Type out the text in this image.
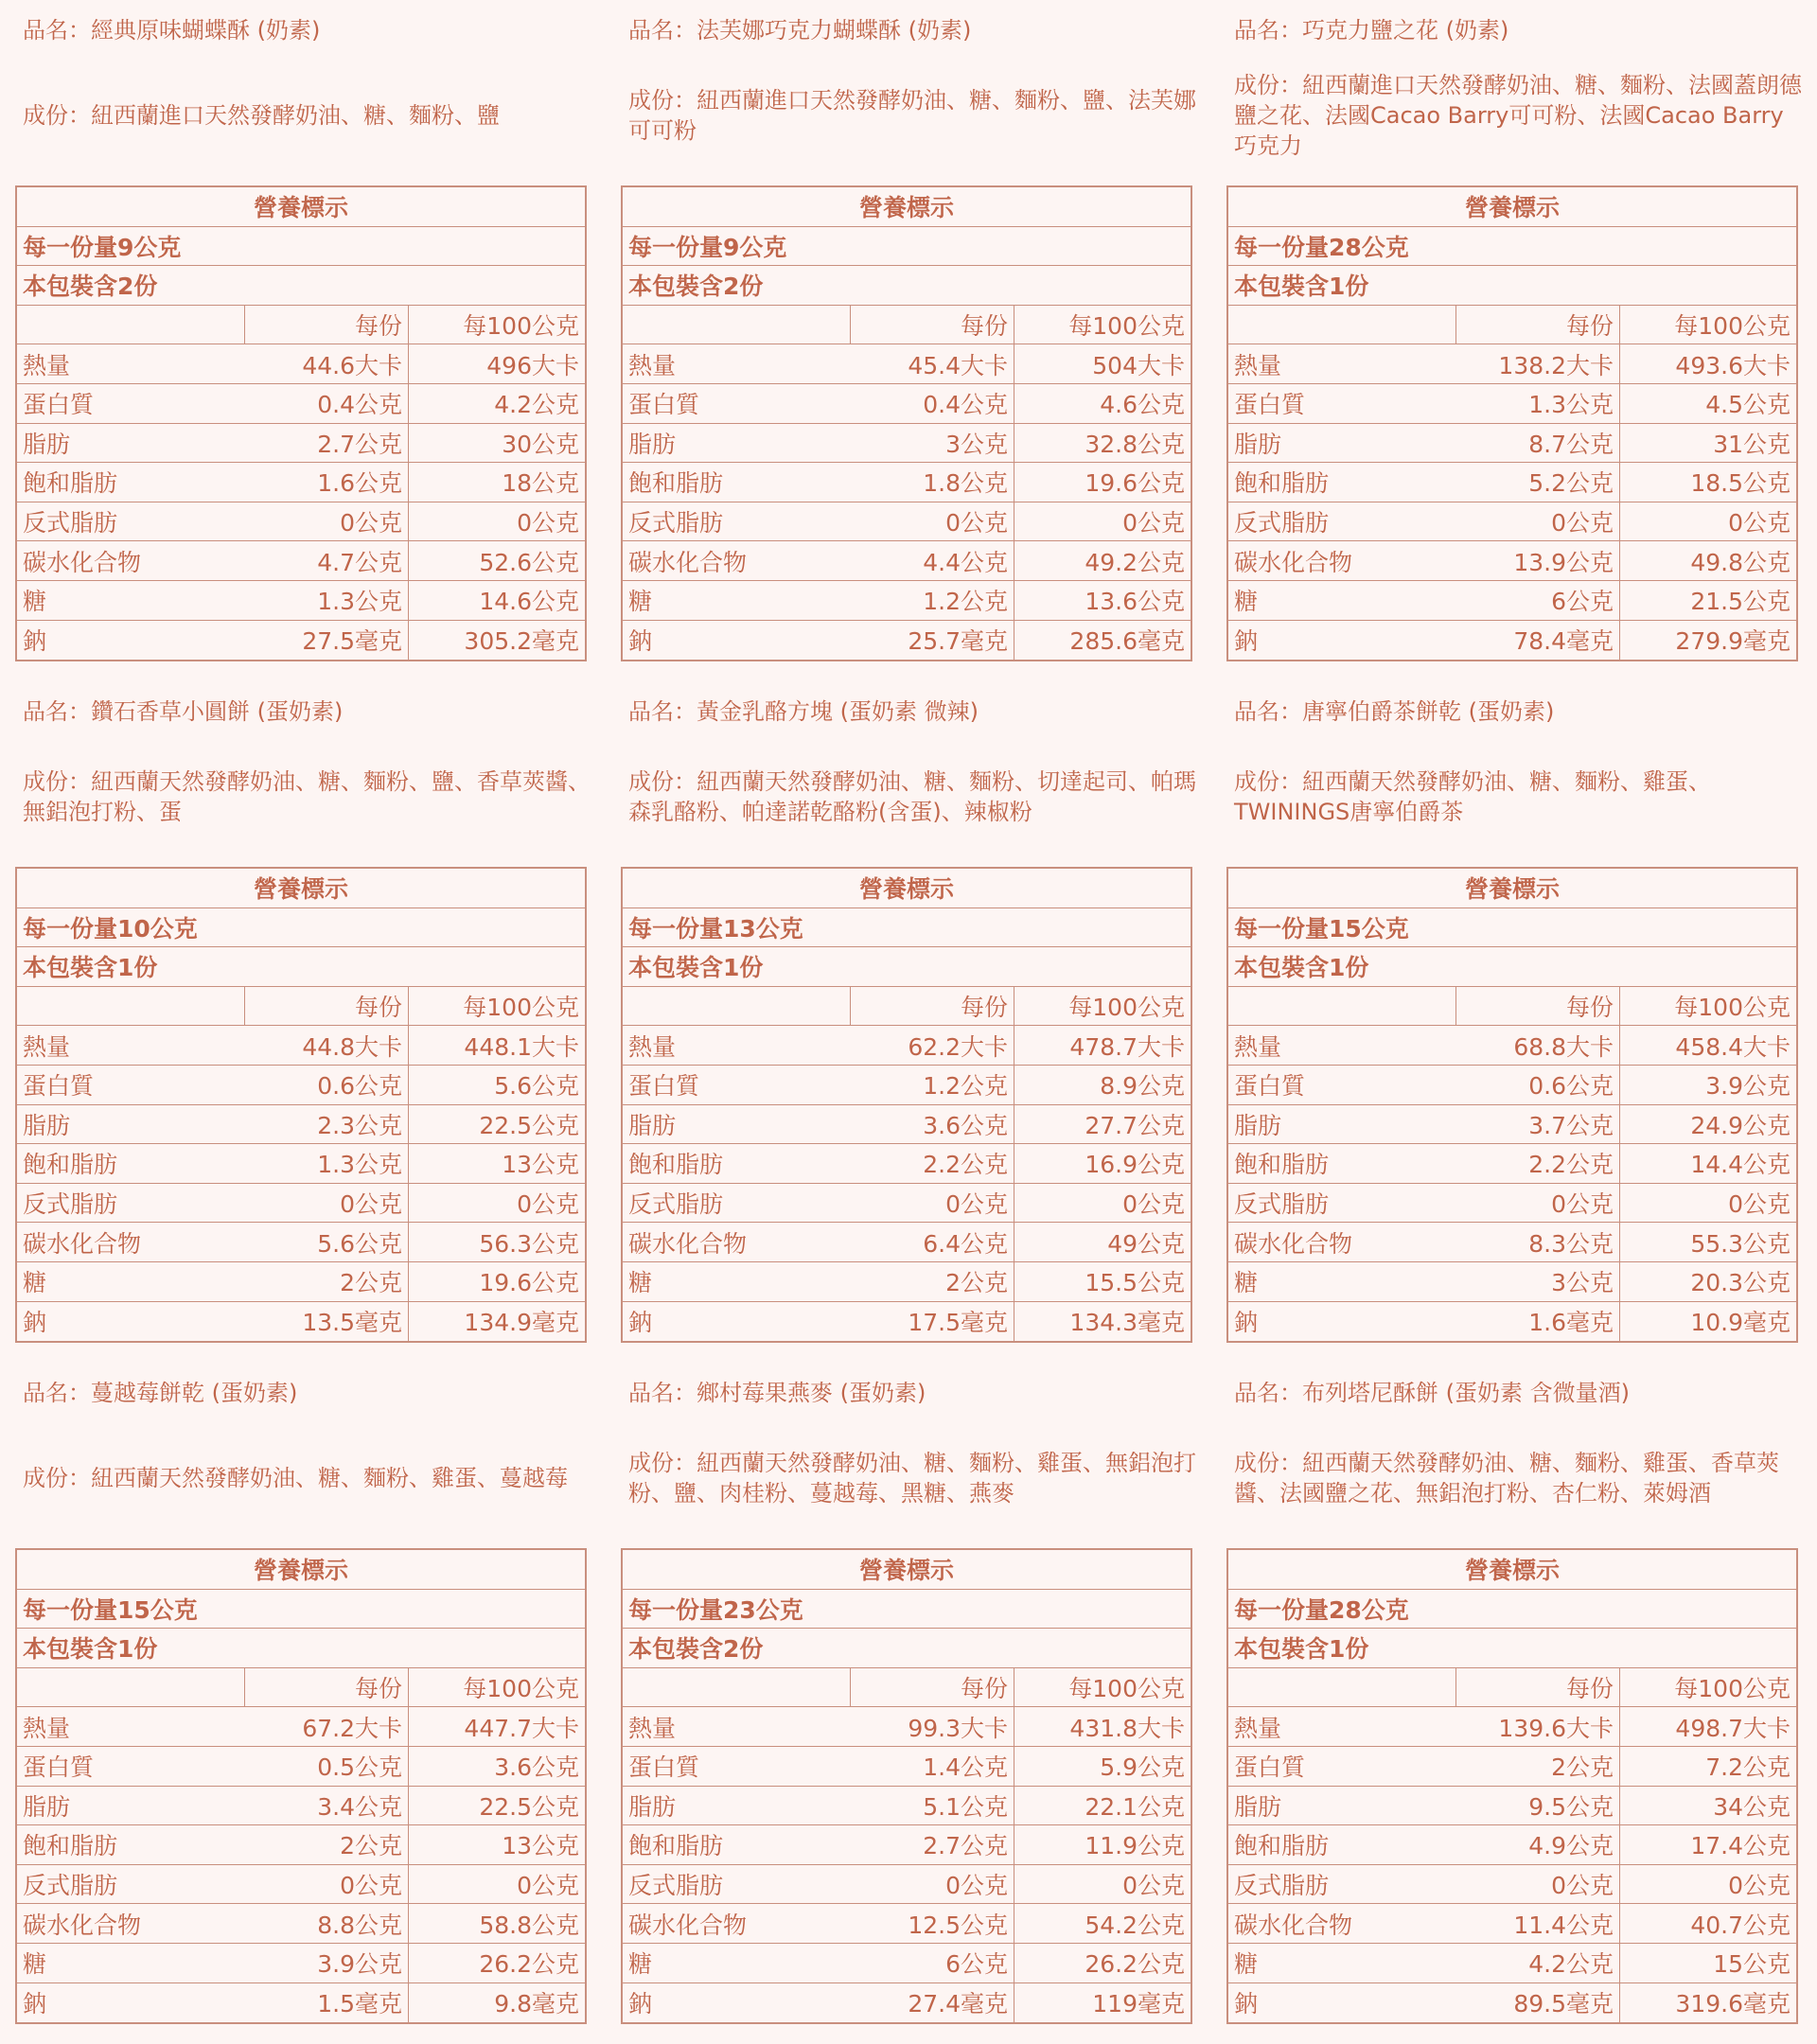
品名：經典原味蝴蝶酥 (奶素)
成份：紐西蘭進口天然發酵奶油、糖、麵粉、鹽
營養標示
每一份量9公克
本包裝含2份
每份	每100公克
熱量	44.6大卡	496大卡
蛋白質	0.4公克	4.2公克
脂肪	2.7公克	30公克
飽和脂肪	1.6公克	18公克
反式脂肪	0公克	0公克
碳水化合物	4.7公克	52.6公克
糖	1.3公克	14.6公克
鈉	27.5毫克	305.2毫克
品名：法芙娜巧克力蝴蝶酥 (奶素)
成份：紐西蘭進口天然發酵奶油、糖、麵粉、鹽、法芙娜可可粉
營養標示
每一份量9公克
本包裝含2份
每份	每100公克
熱量	45.4大卡	504大卡
蛋白質	0.4公克	4.6公克
脂肪	3公克	32.8公克
飽和脂肪	1.8公克	19.6公克
反式脂肪	0公克	0公克
碳水化合物	4.4公克	49.2公克
糖	1.2公克	13.6公克
鈉	25.7毫克	285.6毫克
品名：巧克力鹽之花 (奶素)
成份：紐西蘭進口天然發酵奶油、糖、麵粉、法國蓋朗德鹽之花、法國Cacao Barry可可粉、法國Cacao Barry巧克力
營養標示
每一份量28公克
本包裝含1份
每份	每100公克
熱量	138.2大卡	493.6大卡
蛋白質	1.3公克	4.5公克
脂肪	8.7公克	31公克
飽和脂肪	5.2公克	18.5公克
反式脂肪	0公克	0公克
碳水化合物	13.9公克	49.8公克
糖	6公克	21.5公克
鈉	78.4毫克	279.9毫克
品名：鑽石香草小圓餅 (蛋奶素)
成份：紐西蘭天然發酵奶油、糖、麵粉、鹽、香草莢醬、無鋁泡打粉、蛋
營養標示
每一份量10公克
本包裝含1份
每份	每100公克
熱量	44.8大卡	448.1大卡
蛋白質	0.6公克	5.6公克
脂肪	2.3公克	22.5公克
飽和脂肪	1.3公克	13公克
反式脂肪	0公克	0公克
碳水化合物	5.6公克	56.3公克
糖	2公克	19.6公克
鈉	13.5毫克	134.9毫克
品名：黃金乳酪方塊 (蛋奶素 微辣)
成份：紐西蘭天然發酵奶油、糖、麵粉、切達起司、帕瑪森乳酪粉、帕達諾乾酪粉(含蛋)、辣椒粉
營養標示
每一份量13公克
本包裝含1份
每份	每100公克
熱量	62.2大卡	478.7大卡
蛋白質	1.2公克	8.9公克
脂肪	3.6公克	27.7公克
飽和脂肪	2.2公克	16.9公克
反式脂肪	0公克	0公克
碳水化合物	6.4公克	49公克
糖	2公克	15.5公克
鈉	17.5毫克	134.3毫克
品名：唐寧伯爵茶餅乾 (蛋奶素)
成份：紐西蘭天然發酵奶油、糖、麵粉、雞蛋、TWININGS唐寧伯爵茶
營養標示
每一份量15公克
本包裝含1份
每份	每100公克
熱量	68.8大卡	458.4大卡
蛋白質	0.6公克	3.9公克
脂肪	3.7公克	24.9公克
飽和脂肪	2.2公克	14.4公克
反式脂肪	0公克	0公克
碳水化合物	8.3公克	55.3公克
糖	3公克	20.3公克
鈉	1.6毫克	10.9毫克
品名：蔓越莓餅乾 (蛋奶素)
成份：紐西蘭天然發酵奶油、糖、麵粉、雞蛋、蔓越莓
營養標示
每一份量15公克
本包裝含1份
每份	每100公克
熱量	67.2大卡	447.7大卡
蛋白質	0.5公克	3.6公克
脂肪	3.4公克	22.5公克
飽和脂肪	2公克	13公克
反式脂肪	0公克	0公克
碳水化合物	8.8公克	58.8公克
糖	3.9公克	26.2公克
鈉	1.5毫克	9.8毫克
品名：鄉村莓果燕麥 (蛋奶素)
成份：紐西蘭天然發酵奶油、糖、麵粉、雞蛋、無鋁泡打粉、鹽、肉桂粉、蔓越莓、黑糖、燕麥
營養標示
每一份量23公克
本包裝含2份
每份	每100公克
熱量	99.3大卡	431.8大卡
蛋白質	1.4公克	5.9公克
脂肪	5.1公克	22.1公克
飽和脂肪	2.7公克	11.9公克
反式脂肪	0公克	0公克
碳水化合物	12.5公克	54.2公克
糖	6公克	26.2公克
鈉	27.4毫克	119毫克
品名：布列塔尼酥餅 (蛋奶素 含微量酒)
成份：紐西蘭天然發酵奶油、糖、麵粉、雞蛋、香草莢醬、法國鹽之花、無鋁泡打粉、杏仁粉、萊姆酒
營養標示
每一份量28公克
本包裝含1份
每份	每100公克
熱量	139.6大卡	498.7大卡
蛋白質	2公克	7.2公克
脂肪	9.5公克	34公克
飽和脂肪	4.9公克	17.4公克
反式脂肪	0公克	0公克
碳水化合物	11.4公克	40.7公克
糖	4.2公克	15公克
鈉	89.5毫克	319.6毫克
